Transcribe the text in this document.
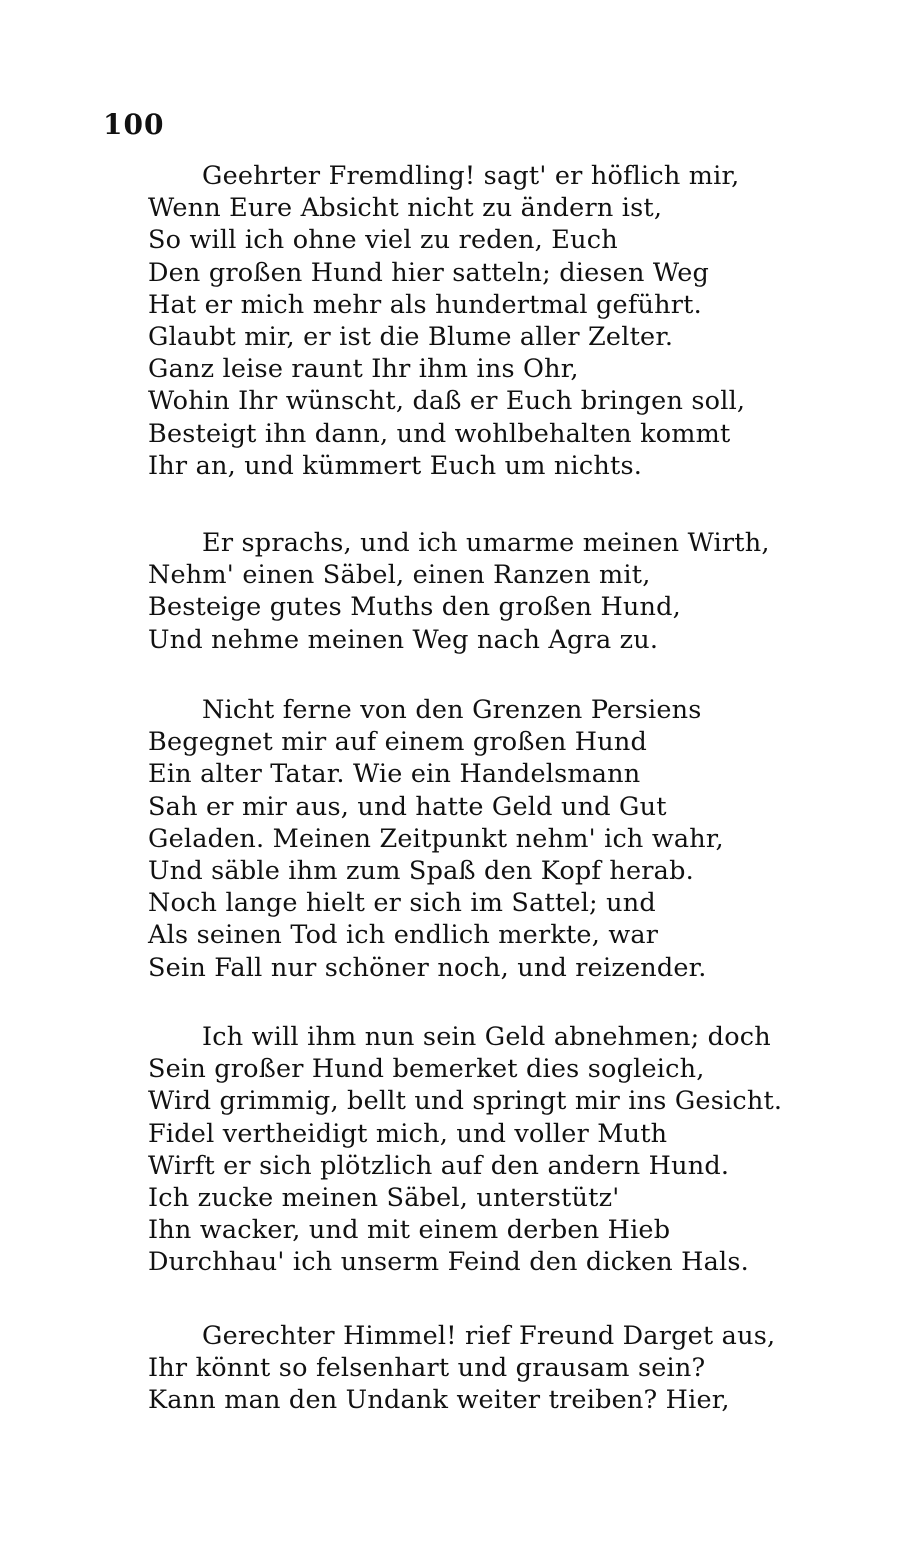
100
Geehrter Fremdling! sagt' er höflich mir,
Wenn Eure Absicht nicht zu ändern ist,
So will ich ohne viel zu reden, Euch
Den großen Hund hier satteln; diesen Weg
Hat er mich mehr als hundertmal geführt.
Glaubt mir, er ist die Blume aller Zelter.
Ganz leise raunt Ihr ihm ins Ohr,
Wohin Ihr wünscht, daß er Euch bringen soll,
Besteigt ihn dann, und wohlbehalten kommt
Ihr an, und kümmert Euch um nichts.
Er sprachs, und ich umarme meinen Wirth,
Nehm' einen Säbel, einen Ranzen mit,
Besteige gutes Muths den großen Hund,
Und nehme meinen Weg nach Agra zu.
Nicht ferne von den Grenzen Persiens
Begegnet mir auf einem großen Hund
Ein alter Tatar. Wie ein Handelsmann
Sah er mir aus, und hatte Geld und Gut
Geladen. Meinen Zeitpunkt nehm' ich wahr,
Und säble ihm zum Spaß den Kopf herab.
Noch lange hielt er sich im Sattel; und
Als seinen Tod ich endlich merkte, war
Sein Fall nur schöner noch, und reizender.
Ich will ihm nun sein Geld abnehmen; doch
Sein großer Hund bemerket dies sogleich,
Wird grimmig, bellt und springt mir ins Gesicht.
Fidel vertheidigt mich, und voller Muth
Wirft er sich plötzlich auf den andern Hund.
Ich zucke meinen Säbel, unterstütz'
Ihn wacker, und mit einem derben Hieb
Durchhau' ich unserm Feind den dicken Hals.
Gerechter Himmel! rief Freund Darget aus,
Ihr könnt so felsenhart und grausam sein?
Kann man den Undank weiter treiben? Hier,
